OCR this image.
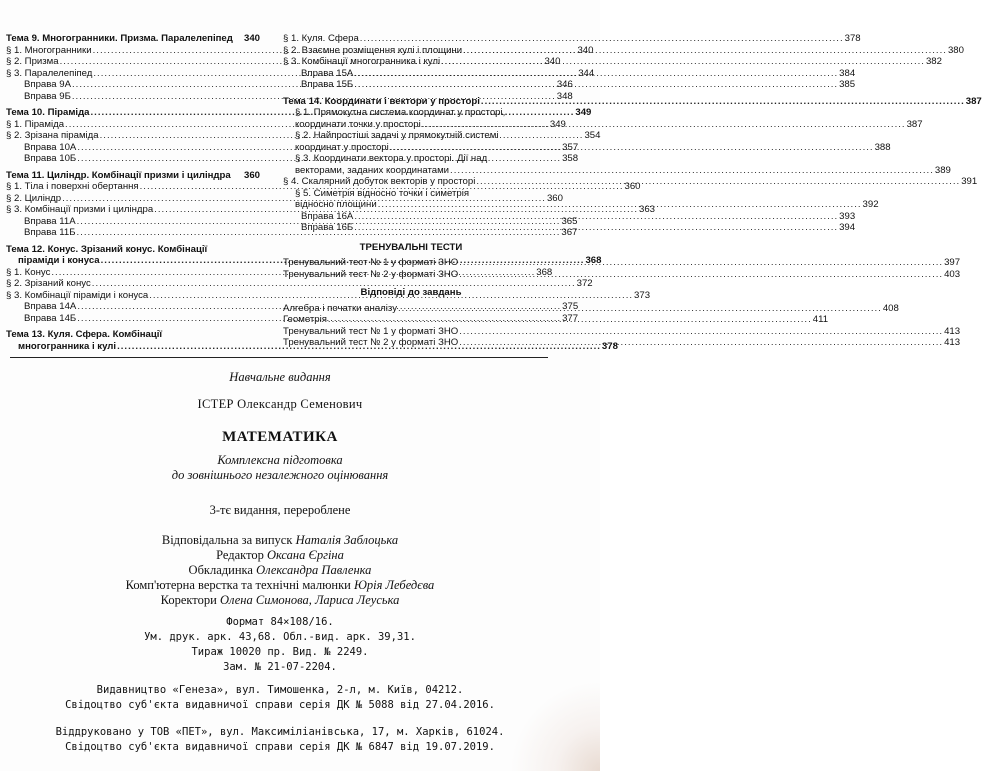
Тема 9. Многогранники. Призма. Паралелепіпед 340
§ 1. Многогранники .....	340
§ 2. Призма .....	340
§ 3. Паралелепіпед .....	344
Вправа 9А .....	346
Вправа 9Б .....	348
Тема 10. Піраміда .....	349
§ 1. Піраміда .....	349
§ 2. Зрізана піраміда .....	354
Вправа 10А .....	357
Вправа 10Б .....	358
Тема 11. Циліндр. Комбінації призми і циліндра 360
§ 1. Тіла і поверхні обертання .....	360
§ 2. Циліндр .....	360
§ 3. Комбінації призми і циліндра .....	363
Вправа 11А .....	365
Вправа 11Б .....	367
Тема 12. Конус. Зрізаний конус. Комбінації
піраміди і конуса .....	368
§ 1. Конус .....	368
§ 2. Зрізаний конус .....	372
§ 3. Комбінації піраміди і конуса .....	373
Вправа 14А .....	375
Вправа 14Б .....	377
Тема 13. Куля. Сфера. Комбінації
многогранника і кулі .....	378
§ 1. Куля. Сфера .....	378
§ 2. Взаємне розміщення кулі і площини .....	380
§ 3. Комбінації многогранника і кулі .....	382
Вправа 15А .....	384
Вправа 15Б .....	385
Тема 14. Координати і вектори у просторі .....	387
§ 1. Прямокутна система координат у просторі,
координати точки у просторі .....	387
§ 2. Найпростіші задачі у прямокутній системі
координат у просторі .....	388
§ 3. Координати вектора у просторі. Дії над
векторами, заданих координатами .....	389
§ 4. Скалярний добуток векторів у просторі .....	391
§ 5. Симетрія відносно точки і симетрія
відносно площини .....	392
Вправа 16А .....	393
Вправа 16Б .....	394
ТРЕНУВАЛЬНІ ТЕСТИ
Тренувальний тест № 1 у форматі ЗНО .....	397
Тренувальний тест № 2 у форматі ЗНО .....	403
Відповіді до завдань
Алгебра і початки аналізу .....	408
Геометрія .....	411
Тренувальний тест № 1 у форматі ЗНО .....	413
Тренувальний тест № 2 у форматі ЗНО .....	413
Навчальне видання
ІСТЕР Олександр Семенович
МАТЕМАТИКА
Комплексна підготовка
до зовнішнього незалежного оцінювання
3-тє видання, перероблене
Відповідальна за випуск Наталія Заблоцька
Редактор Оксана Єргіна
Обкладинка Олександра Павленка
Комп'ютерна верстка та технічні малюнки Юрія Лебедєва
Коректори Олена Симонова, Лариса Леуська
Формат 84×108/16.
Ум. друк. арк. 43,68. Обл.-вид. арк. 39,31.
Тираж 10020 пр. Вид. № 2249.
Зам. № 21-07-2204.
Видавництво «Генеза», вул. Тимошенка, 2-л, м. Київ, 04212.
Свідоцтво суб'єкта видавничої справи серія ДК № 5088 від 27.04.2016.
Віддруковано у ТОВ «ПЕТ», вул. Максиміліанівська, 17, м. Харків, 61024.
Свідоцтво суб'єкта видавничої справи серія ДК № 6847 від 19.07.2019.
